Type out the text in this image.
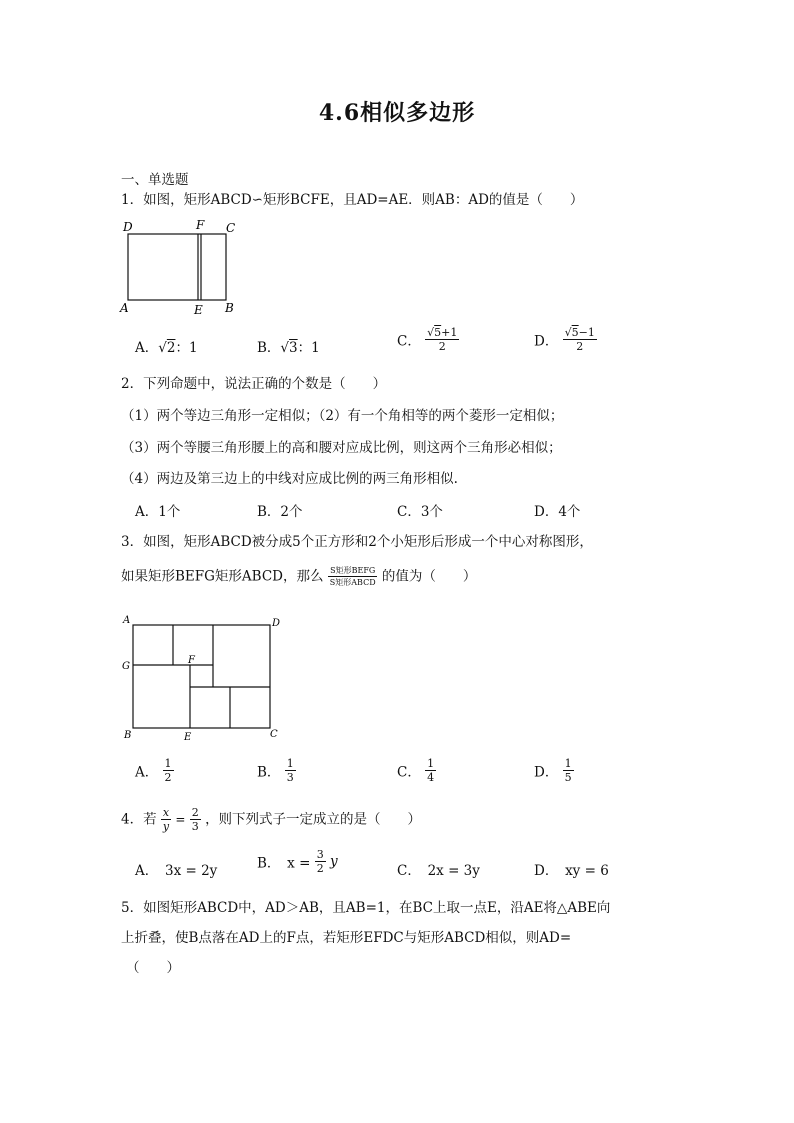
4.6相似多边形
一、单选题
1．如图，矩形ABCD∽矩形BCFE，且AD=AE．则AB：AD的值是（　　）
D	F C
A	E B
A．√2：1	B．√3：1	C． $\frac{√5+1}{2}$	D． $\frac{√5-1}{2}$
2．下列命题中，说法正确的个数是（　　）
（1）两个等边三角形一定相似；（2）有一个角相等的两个菱形一定相似；
（3）两个等腰三角形腰上的高和腰对应成比例，则这两个三角形必相似；
（4）两边及第三边上的中线对应成比例的两三角形相似.
A．1个	B．2个	C．3个	D．4个
3．如图，矩形ABCD被分成5个正方形和2个小矩形后形成一个中心对称图形，
如果矩形BEFG矩形ABCD，那么 $\frac{\text{S矩形BEFG}}{\text{S矩形ABCD}}$ 的值为（　　）
A	D
G
F
B	E	C
A． $\frac{1}{2}$	B． $\frac{1}{3}$	C． $\frac{1}{4}$	D． $\frac{1}{5}$
4．若 $\frac{x}{y} = \frac{2}{3}$ ，则下列式子一定成立的是（　　）
A．　3x = 2y	B．　$x = \frac{3}{2}$ y
C．　2x = 3y	D．　xy = 6
5．如图矩形ABCD中，AD＞AB，且AB=1，在BC上取一点E，沿AE将△ABE向
上折叠，使B点落在AD上的F点，若矩形EFDC与矩形ABCD相似，则AD=
（　　）
